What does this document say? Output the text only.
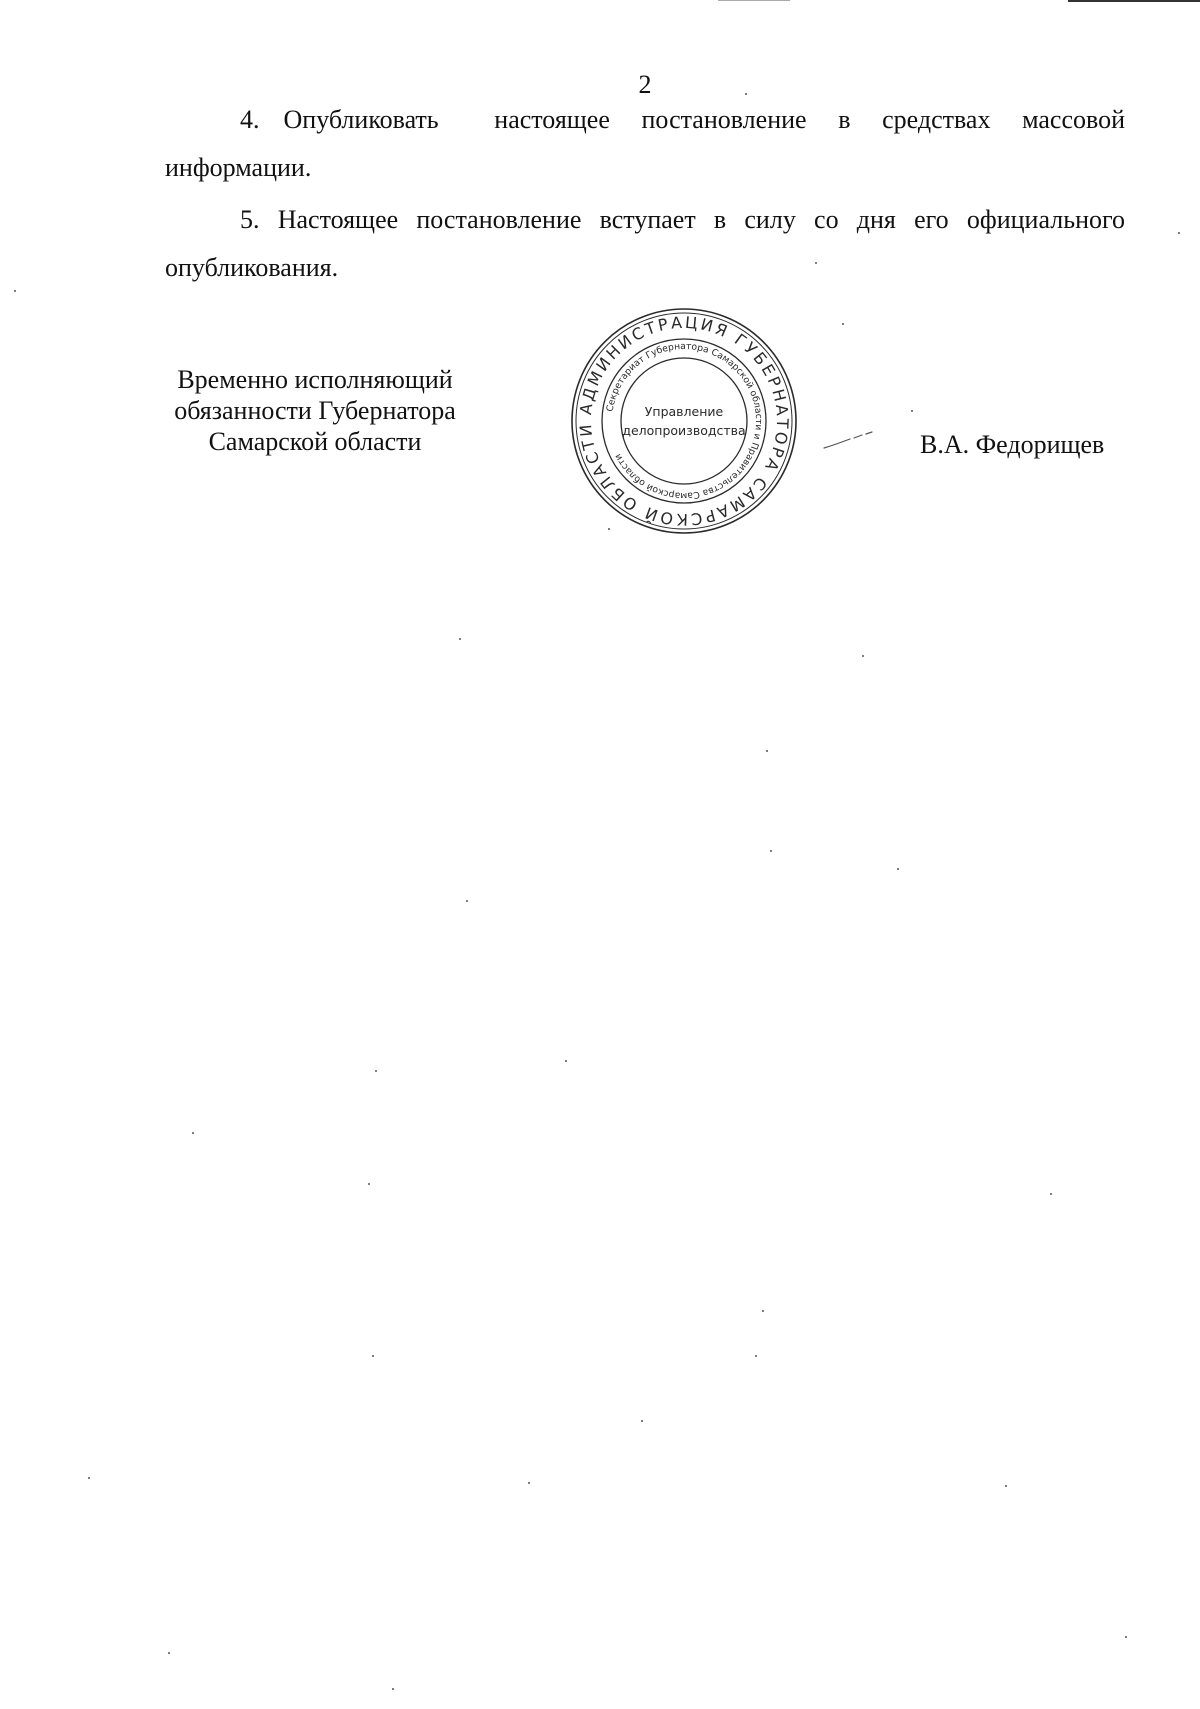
2
4. Опубликовать настоящее постановление в средствах массовой информации.
5. Настоящее постановление вступает в силу со дня его официального опубликования.
Временно исполняющий
обязанности Губернатора
Самарской области
АДМИНИСТРАЦИЯ ГУБЕРНАТОРА САМАРСКОЙ ОБЛАСТИ
Секретариат Губернатора Самарской области и Правительства Самарской области
Управление
делопроизводства	В.А. Федорищев
